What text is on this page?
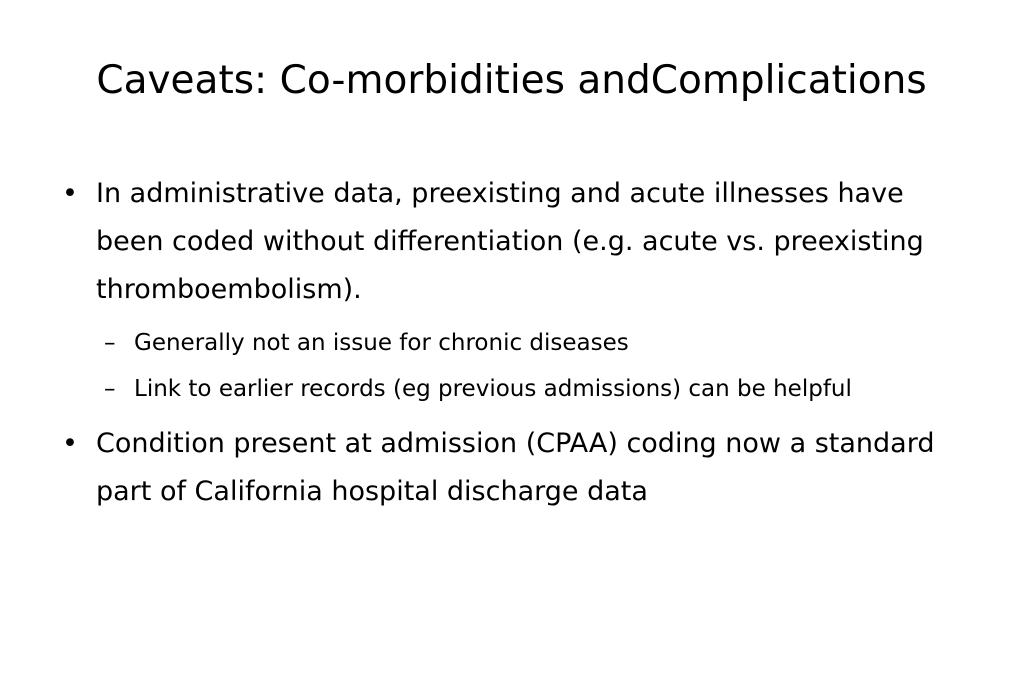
Caveats: Co-morbidities andComplications
• In administrative data, preexisting and acute illnesses have been coded without differentiation (e.g. acute vs. preexisting thromboembolism).
– Generally not an issue for chronic diseases
– Link to earlier records (eg previous admissions) can be helpful
• Condition present at admission (CPAA) coding now a standard part of California hospital discharge data
